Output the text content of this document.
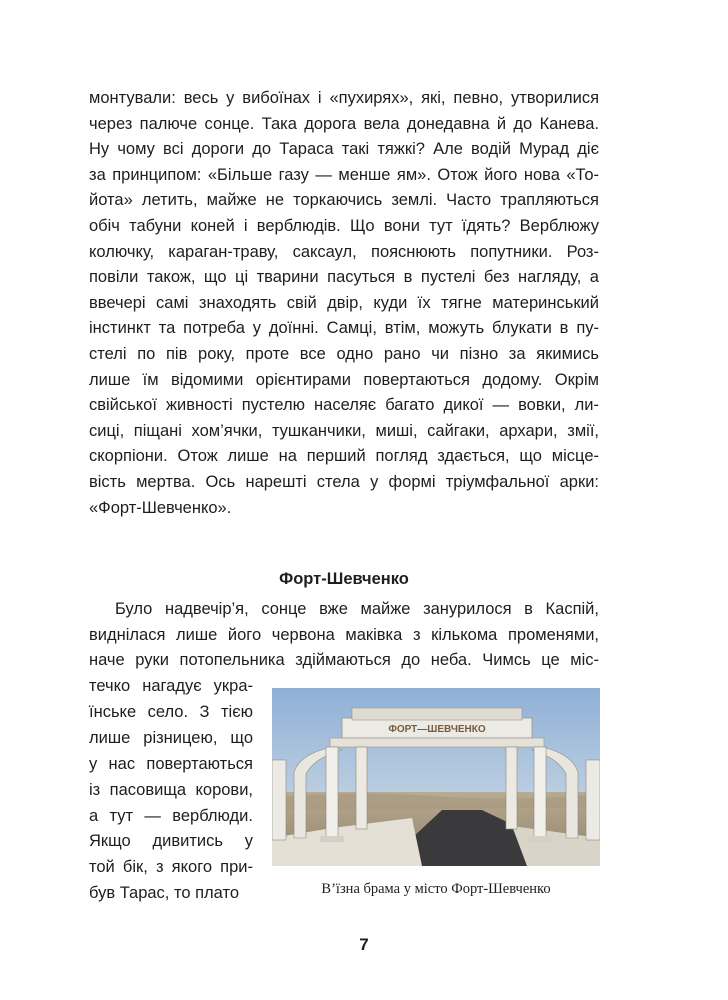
монтували: весь у вибоїнах і «пухирях», які, певно, утворилися
через палюче сонце. Така дорога вела донедавна й до Канева.
Ну чому всі дороги до Тараса такі тяжкі? Але водій Мурад діє
за принципом: «Більше газу — менше ям». Отож його нова «То-
йота» летить, майже не торкаючись землі. Часто трапляються
обіч табуни коней і верблюдів. Що вони тут їдять? Верблюжу
колючку, караган-траву, саксаул, пояснюють попутники. Роз-
повіли також, що ці тварини пасуться в пустелі без нагляду, а
ввечері самі знаходять свій двір, куди їх тягне материнський
інстинкт та потреба у доїнні. Самці, втім, можуть блукати в пу-
стелі по пів року, проте все одно рано чи пізно за якимись
лише їм відомими орієнтирами повертаються додому. Окрім
свійської живності пустелю населяє багато дикої — вовки, ли-
сиці, піщані хом’ячки, тушканчики, миші, сайгаки, архари, змії,
скорпіони. Отож лише на перший погляд здається, що місце-
вість мертва. Ось нарешті стела у формі тріумфальної арки:
«Форт-Шевченко».
Форт-Шевченко
Було надвечір’я, сонце вже майже занурилося в Каспій,
виднілася лише його червона маківка з кількома променями,
наче руки потопельника здіймаються до неба. Чимсь це міс-
течко нагадує укра-
їнське село. З тією
лише різницею, що
у нас повертаються
із пасовища корови,
а тут — верблюди.
Якщо дивитись у
той бік, з якого при-
був Тарас, то плато
ФОРТ—ШЕВЧЕНКО
В’їзна брама у місто Форт-Шевченко
7
